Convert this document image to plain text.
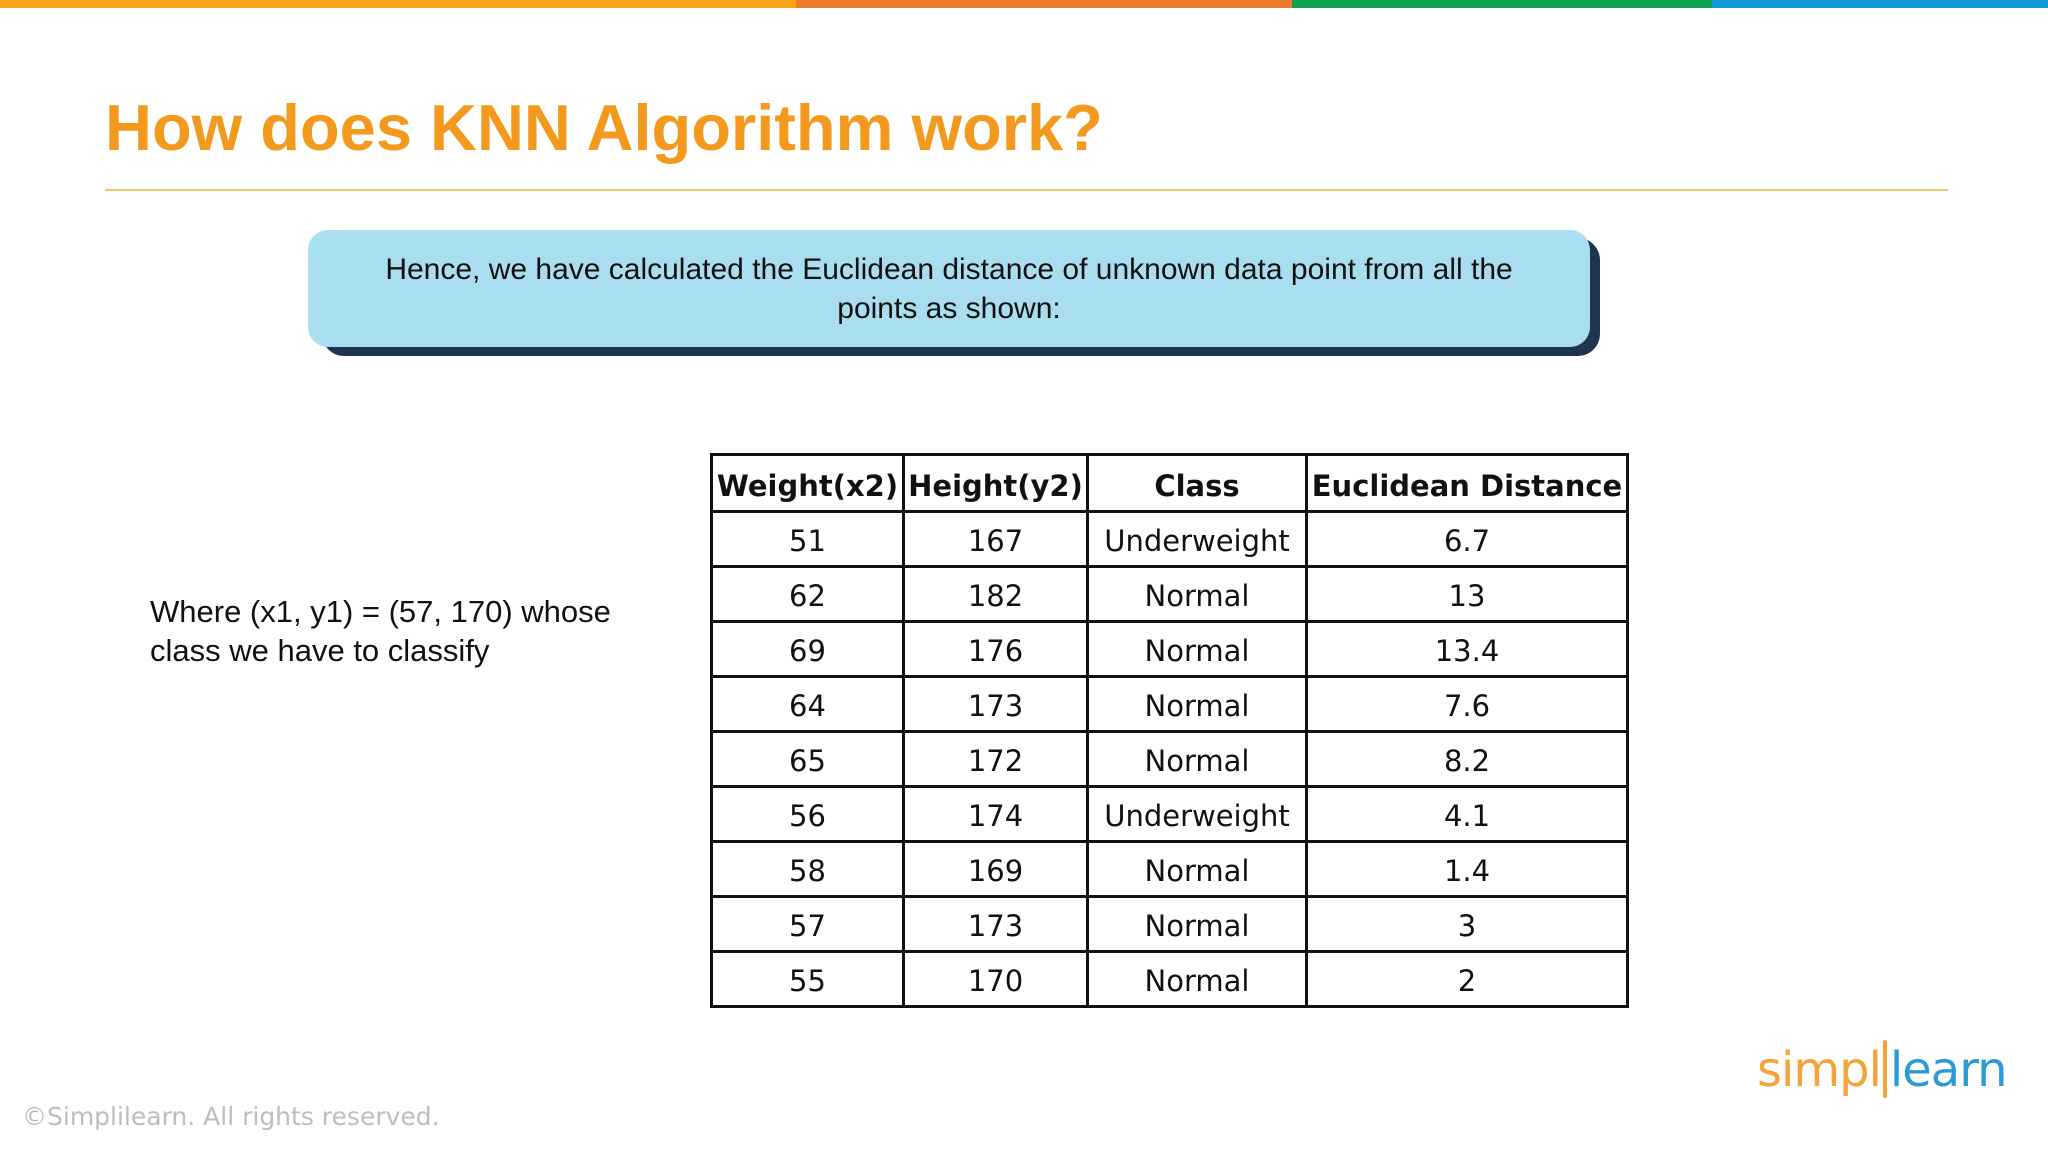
How does KNN Algorithm work?
Hence, we have calculated the Euclidean distance of unknown data point from all the points as shown:
Where (x1, y1) = (57, 170) whose class we have to classify
Weight(x2)	Height(y2)	Class	Euclidean Distance
51	167	Underweight	6.7
62	182	Normal	13
69	176	Normal	13.4
64	173	Normal	7.6
65	172	Normal	8.2
56	174	Underweight	4.1
58	169	Normal	1.4
57	173	Normal	3
55	170	Normal	2
©Simplilearn. All rights reserved.
simpl learn
